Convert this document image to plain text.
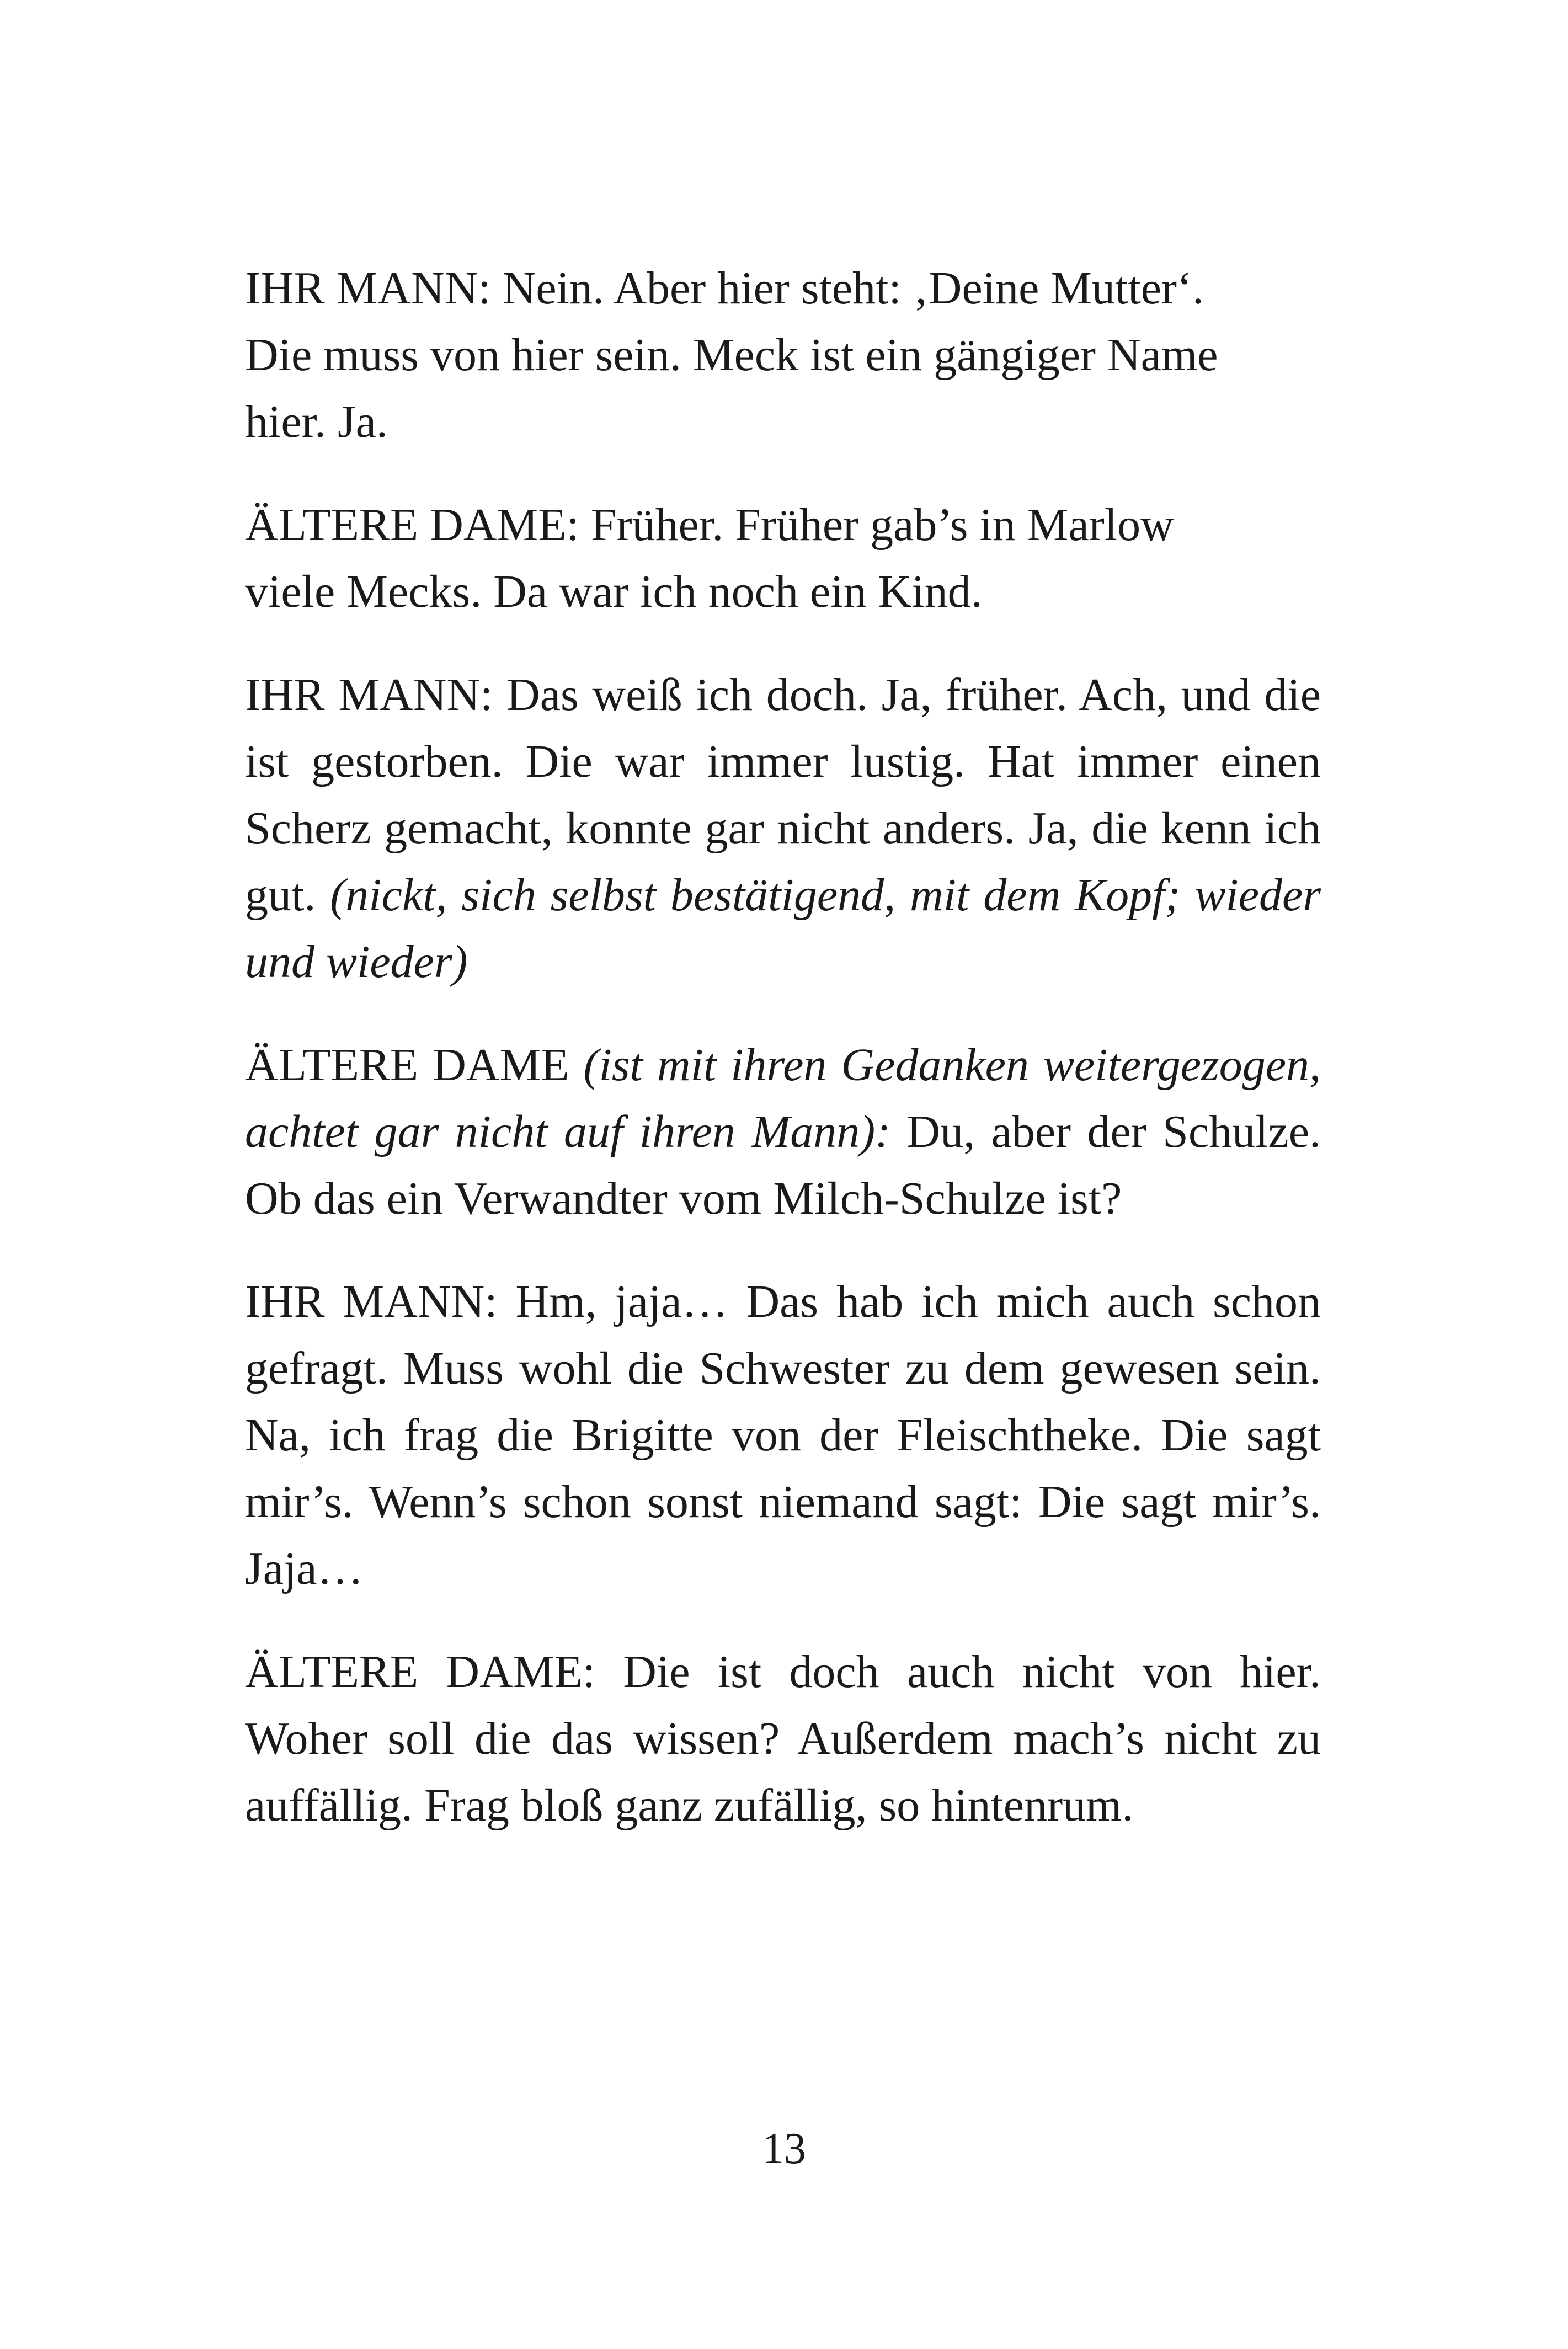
IHR MANN: Nein. Aber hier steht: ‚Deine Mutter‘.
Die muss von hier sein. Meck ist ein gängiger Name
hier. Ja.

ÄLTERE DAME: Früher. Früher gab’s in Marlow
viele Mecks. Da war ich noch ein Kind.

IHR MANN: Das weiß ich doch. Ja, früher. Ach, und die ist gestorben. Die war immer lustig. Hat immer einen Scherz gemacht, konnte gar nicht anders. Ja, die kenn ich gut. (nickt, sich selbst bestätigend, mit dem Kopf; wieder und wieder)

ÄLTERE DAME (ist mit ihren Gedanken weitergezogen, achtet gar nicht auf ihren Mann): Du, aber der Schulze. Ob das ein Verwandter vom Milch-Schulze ist?

IHR MANN: Hm, jaja… Das hab ich mich auch schon gefragt. Muss wohl die Schwester zu dem gewesen sein. Na, ich frag die Brigitte von der Fleischtheke. Die sagt mir’s. Wenn’s schon sonst niemand sagt: Die sagt mir’s. Jaja…

ÄLTERE DAME: Die ist doch auch nicht von hier. Woher soll die das wissen? Außerdem mach’s nicht zu auffällig. Frag bloß ganz zufällig, so hintenrum.

13
